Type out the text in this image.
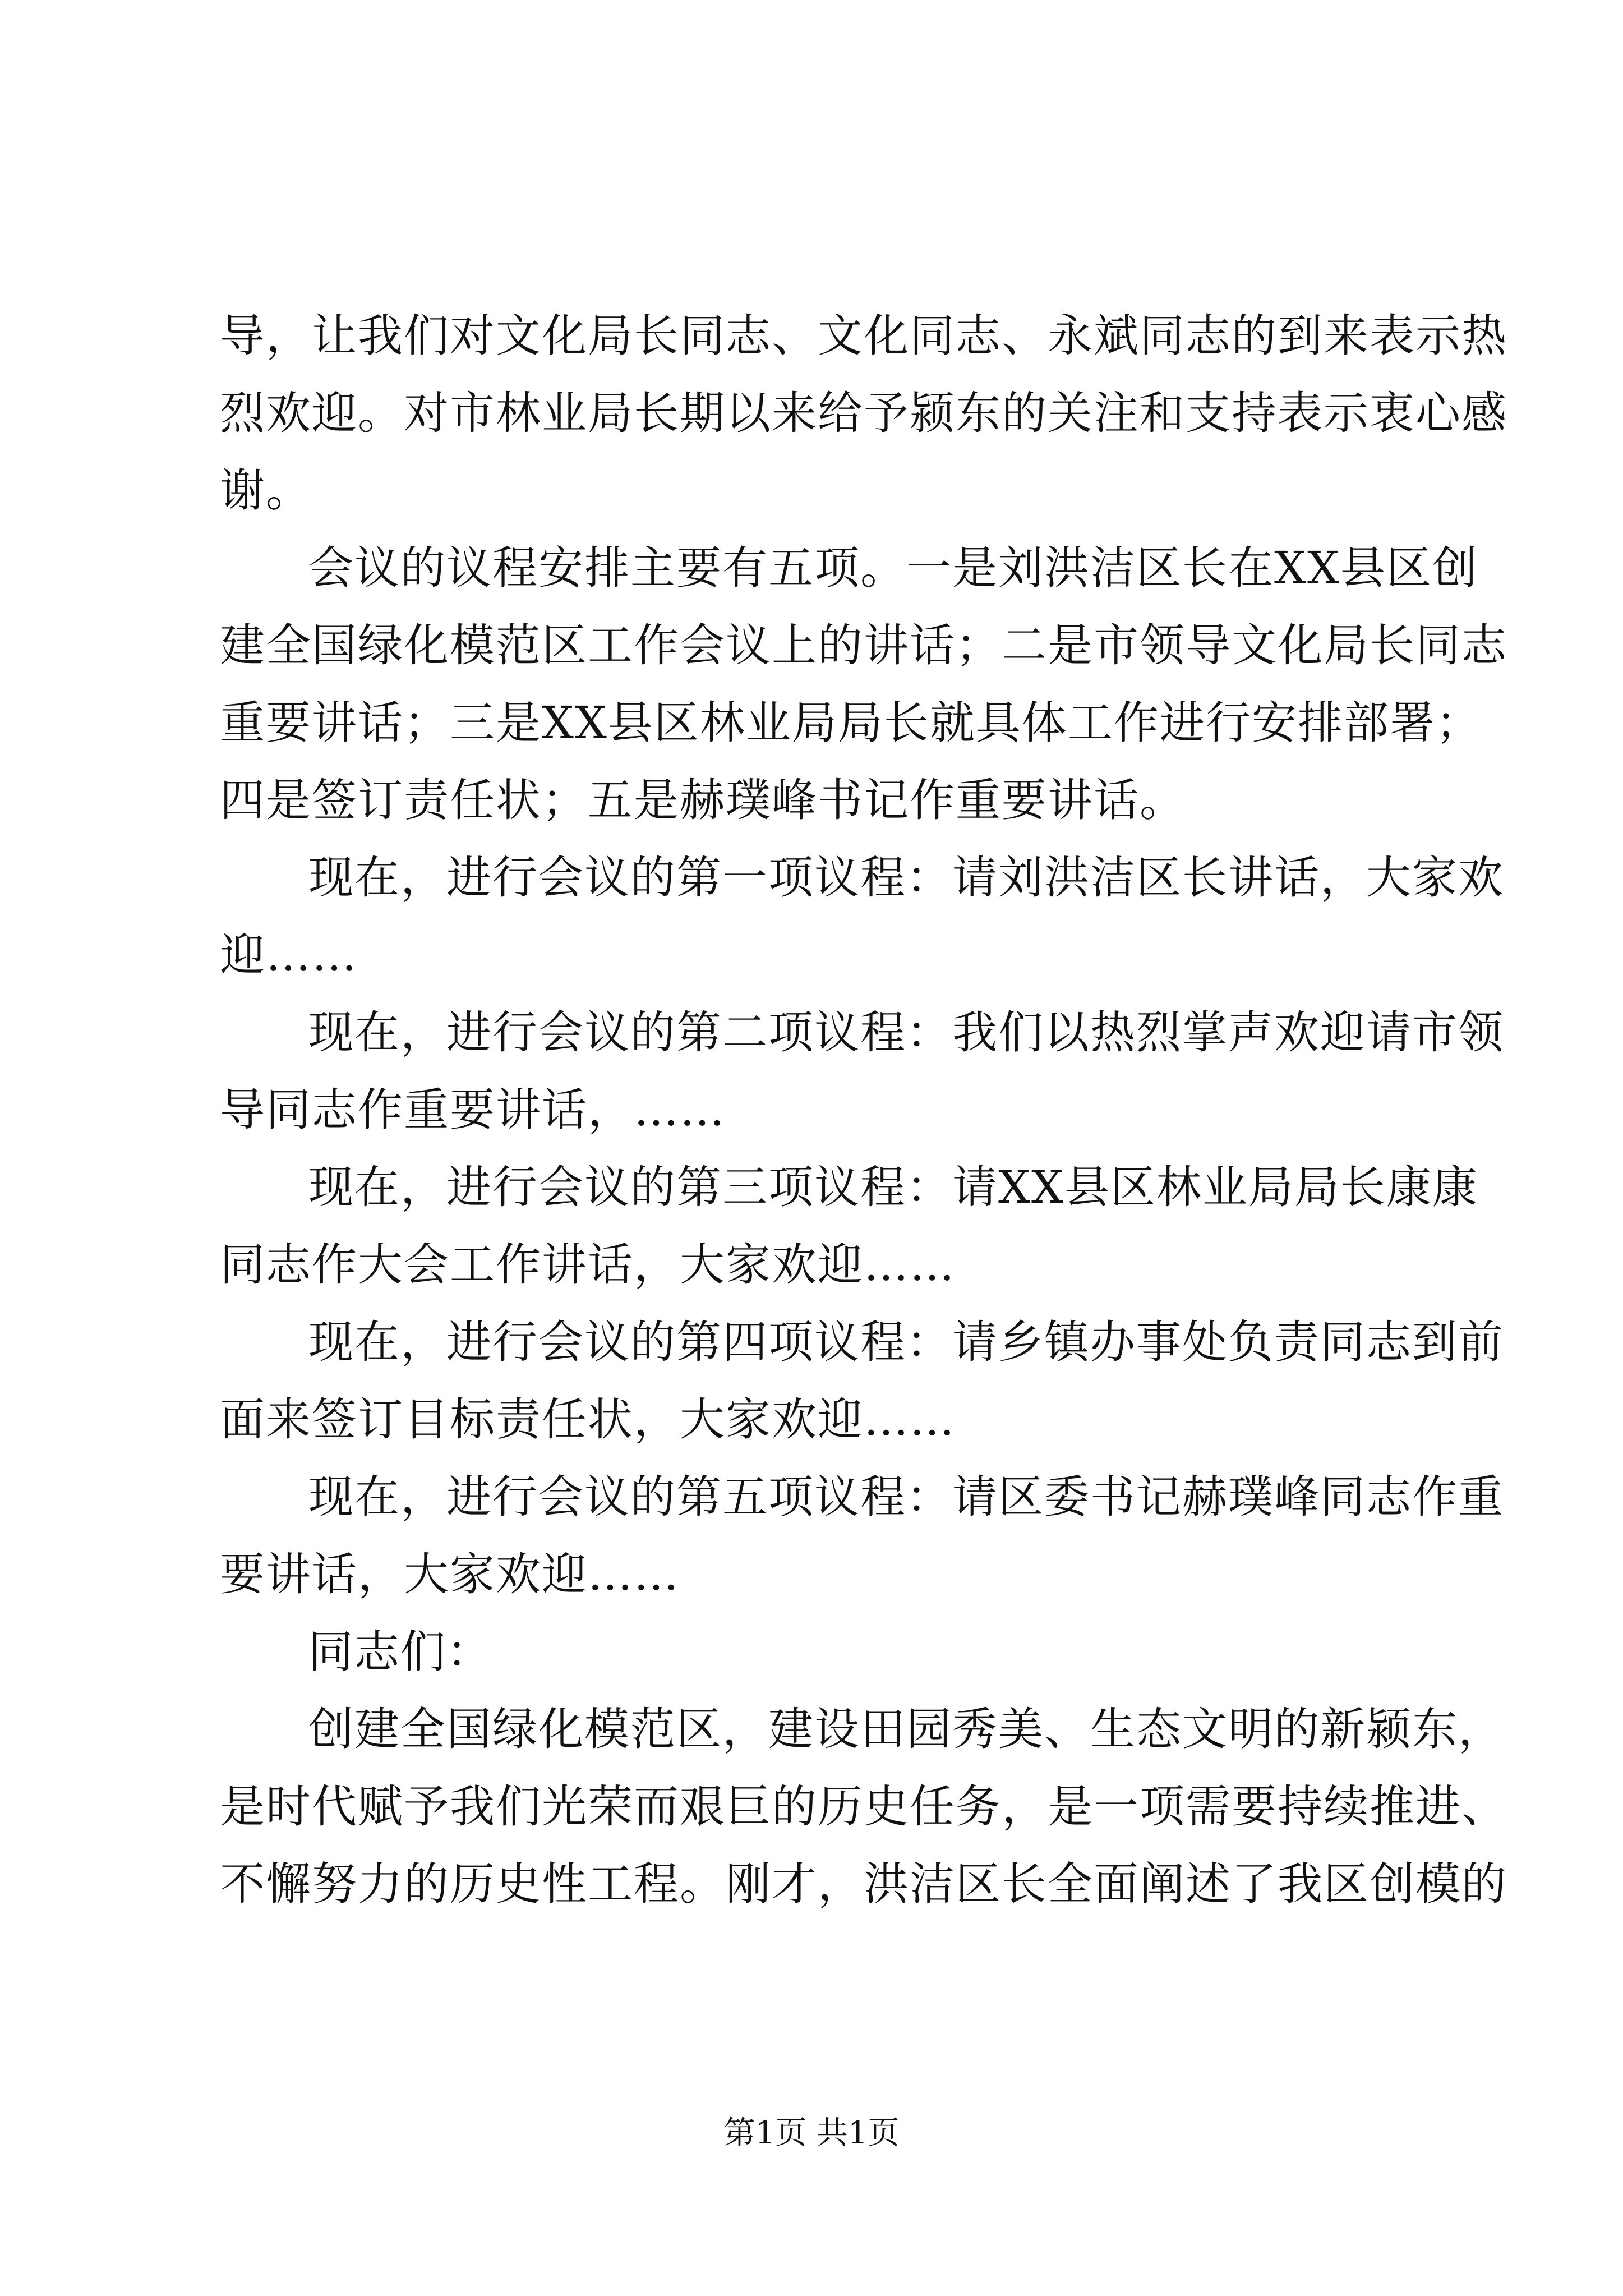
导，让我们对文化局长同志、文化同志、永斌同志的到来表示热
烈欢迎。对市林业局长期以来给予颍东的关注和支持表示衷心感
谢。
会议的议程安排主要有五项。一是刘洪洁区长在XX县区创
建全国绿化模范区工作会议上的讲话；二是市领导文化局长同志
重要讲话；三是XX县区林业局局长就具体工作进行安排部署；
四是签订责任状；五是赫璞峰书记作重要讲话。
现在，进行会议的第一项议程：请刘洪洁区长讲话，大家欢
迎……
现在，进行会议的第二项议程：我们以热烈掌声欢迎请市领
导同志作重要讲话，……
现在，进行会议的第三项议程：请XX县区林业局局长康康
同志作大会工作讲话，大家欢迎……
现在，进行会议的第四项议程：请乡镇办事处负责同志到前
面来签订目标责任状，大家欢迎……
现在，进行会议的第五项议程：请区委书记赫璞峰同志作重
要讲话，大家欢迎……
同志们：
创建全国绿化模范区，建设田园秀美、生态文明的新颍东，
是时代赋予我们光荣而艰巨的历史任务，是一项需要持续推进、
不懈努力的历史性工程。刚才，洪洁区长全面阐述了我区创模的
第1页 共1页
